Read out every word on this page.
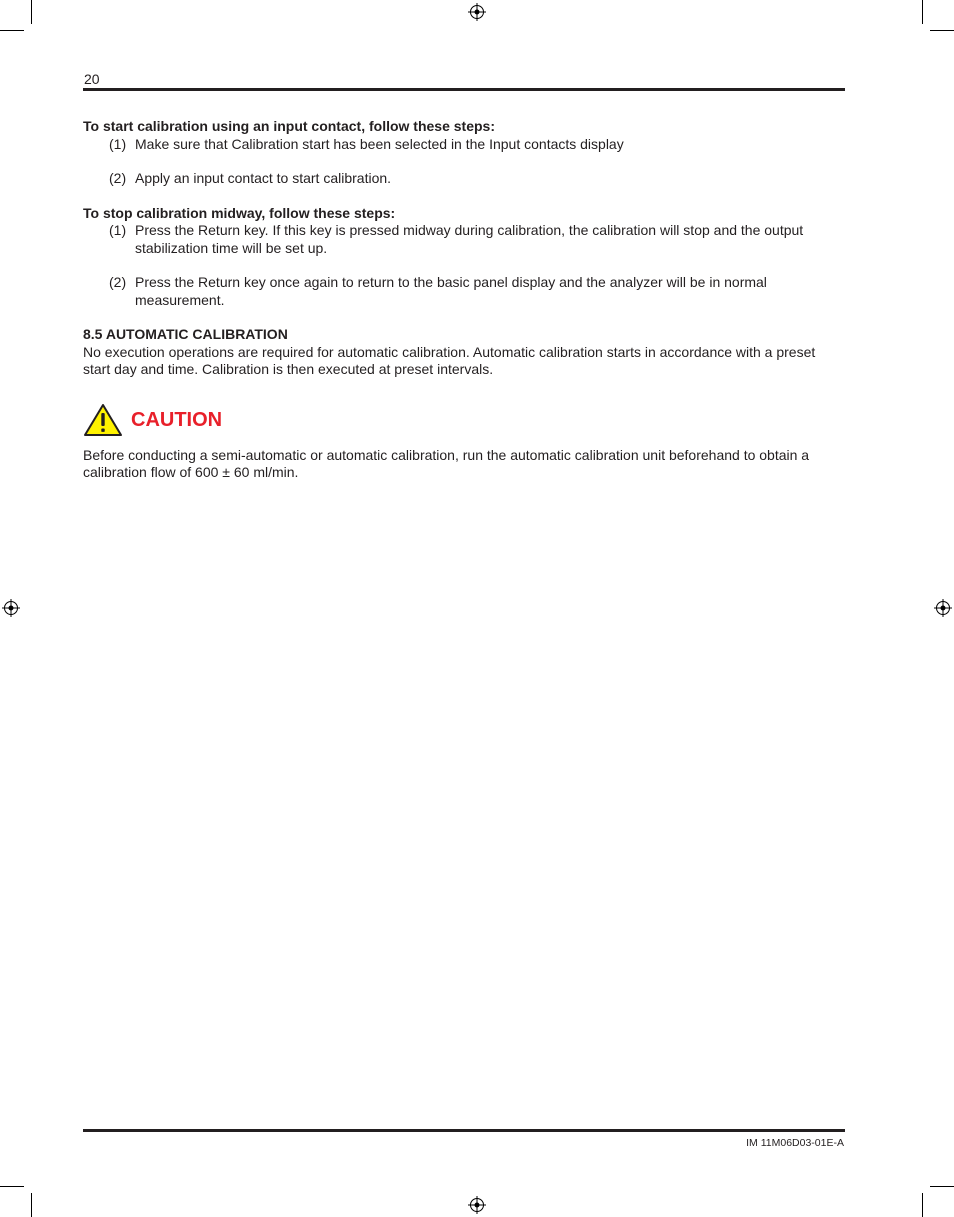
20

To start calibration using an input contact, follow these steps:

(1) Make sure that Calibration start has been selected in the Input contacts display
(2) Apply an input contact to start calibration.

To stop calibration midway, follow these steps:

(1) Press the Return key. If this key is pressed midway during calibration, the calibration will stop and the output stabilization time will be set up.
(2) Press the Return key once again to return to the basic panel display and the analyzer will be in normal measurement.

8.5 AUTOMATIC CALIBRATION

No execution operations are required for automatic calibration. Automatic calibration starts in accordance with a preset start day and time. Calibration is then executed at preset intervals.

CAUTION

Before conducting a semi-automatic or automatic calibration, run the automatic calibration unit beforehand to obtain a calibration flow of 600 ± 60 ml/min.

IM 11M06D03-01E-A
